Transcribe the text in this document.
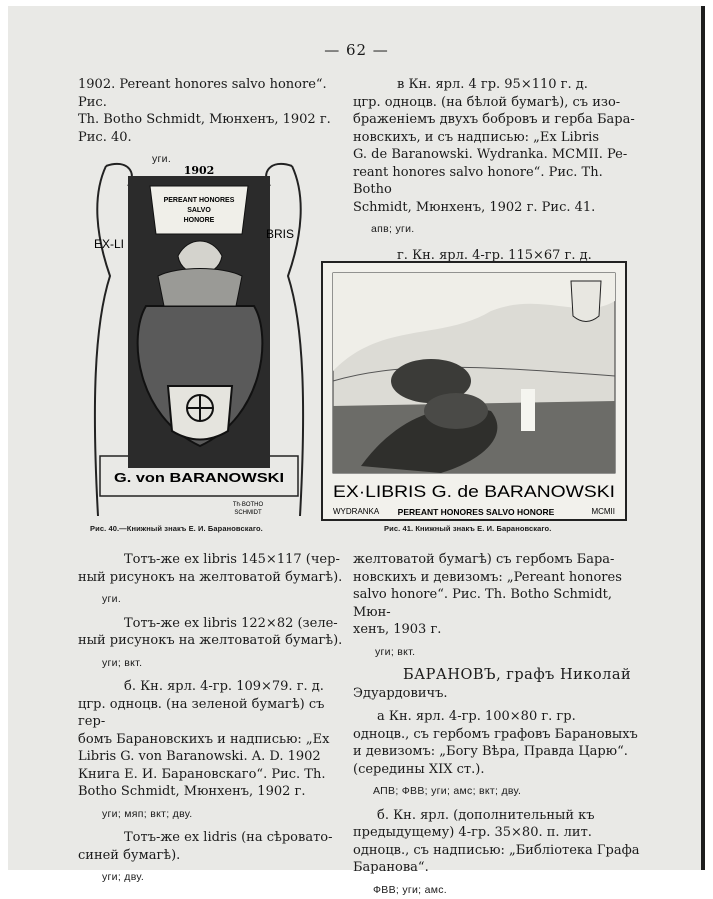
— 62 —

1902. Pereant honores salvo honore“. Рис.

Th. Botho Schmidt, Мюнхенъ, 1902 г.

Рис. 40.

уги.

в Кн. ярл. 4 гр. 95×110 г. д.

цгр. одноцв. (на бѣлой бумагѣ), съ изо-

браженіемъ двухъ бобровъ и герба Бара-

новскихъ, и съ надписью: „Ex Libris

G. de Baranowski. Wydranka. MCMII. Pe-

reant honores salvo honore“. Рис. Th. Botho

Schmidt, Мюнхенъ, 1902 г. Рис. 41.

апв; уги.

г. Кн. ярл. 4-гр. 115×67 г. д.

1902
PEREANT HONORES
SALVO
HONORE
EX-LI
BRIS
G. von BARANOWSKI
Th·BOTHO
SCHMIDT
Рис. 40.—Книжный знакъ Е. И. Барановскаго.
EX·LIBRIS G. de BARANOWSKI
WYDRANKA PEREANT HONORES SALVO HONORE	MCMII
Рис. 41. Книжный знакъ Е. И. Барановскаго.

Тотъ-же ex libris 145×117 (чер-

ный рисунокъ на желтоватой бумагѣ).

уги.

Тотъ-же ex libris 122×82 (зеле-

ный рисунокъ на желтоватой бумагѣ).

уги; вкт.

б. Кн. ярл. 4-гр. 109×79. г. д.

цгр. одноцв. (на зеленой бумагѣ) съ гер-

бомъ Барановскихъ и надписью: „Ex

Libris G. von Baranowski. A. D. 1902

Книга Е. И. Барановскаго“. Рис. Th.

Botho Schmidt, Мюнхенъ, 1902 г.

уги; мяп; вкт; дву.

Тотъ-же ex lidris (на сѣровато-

синей бумагѣ).

уги; дву.

желтоватой бумагѣ) съ гербомъ Бара-

новскихъ и девизомъ: „Pereant honores

salvo honore“. Рис. Th. Botho Schmidt, Мюн-

хенъ, 1903 г.

уги; вкт.

БАРАНОВЪ, графъ Николай

Эдуардовичъ.

а Кн. ярл. 4-гр. 100×80 г. гр.

одноцв., съ гербомъ графовъ Барановыхъ

и девизомъ: „Богу Вѣра, Правда Царю“.

(середины XIX ст.).

АПВ; ФВВ; уги; амс; вкт; дву.

б. Кн. ярл. (дополнительный къ

предыдущему) 4-гр. 35×80. п. лит.

одноцв., съ надписью: „Библіотека Графа

Баранова“.

ФВВ; уги; амс.
